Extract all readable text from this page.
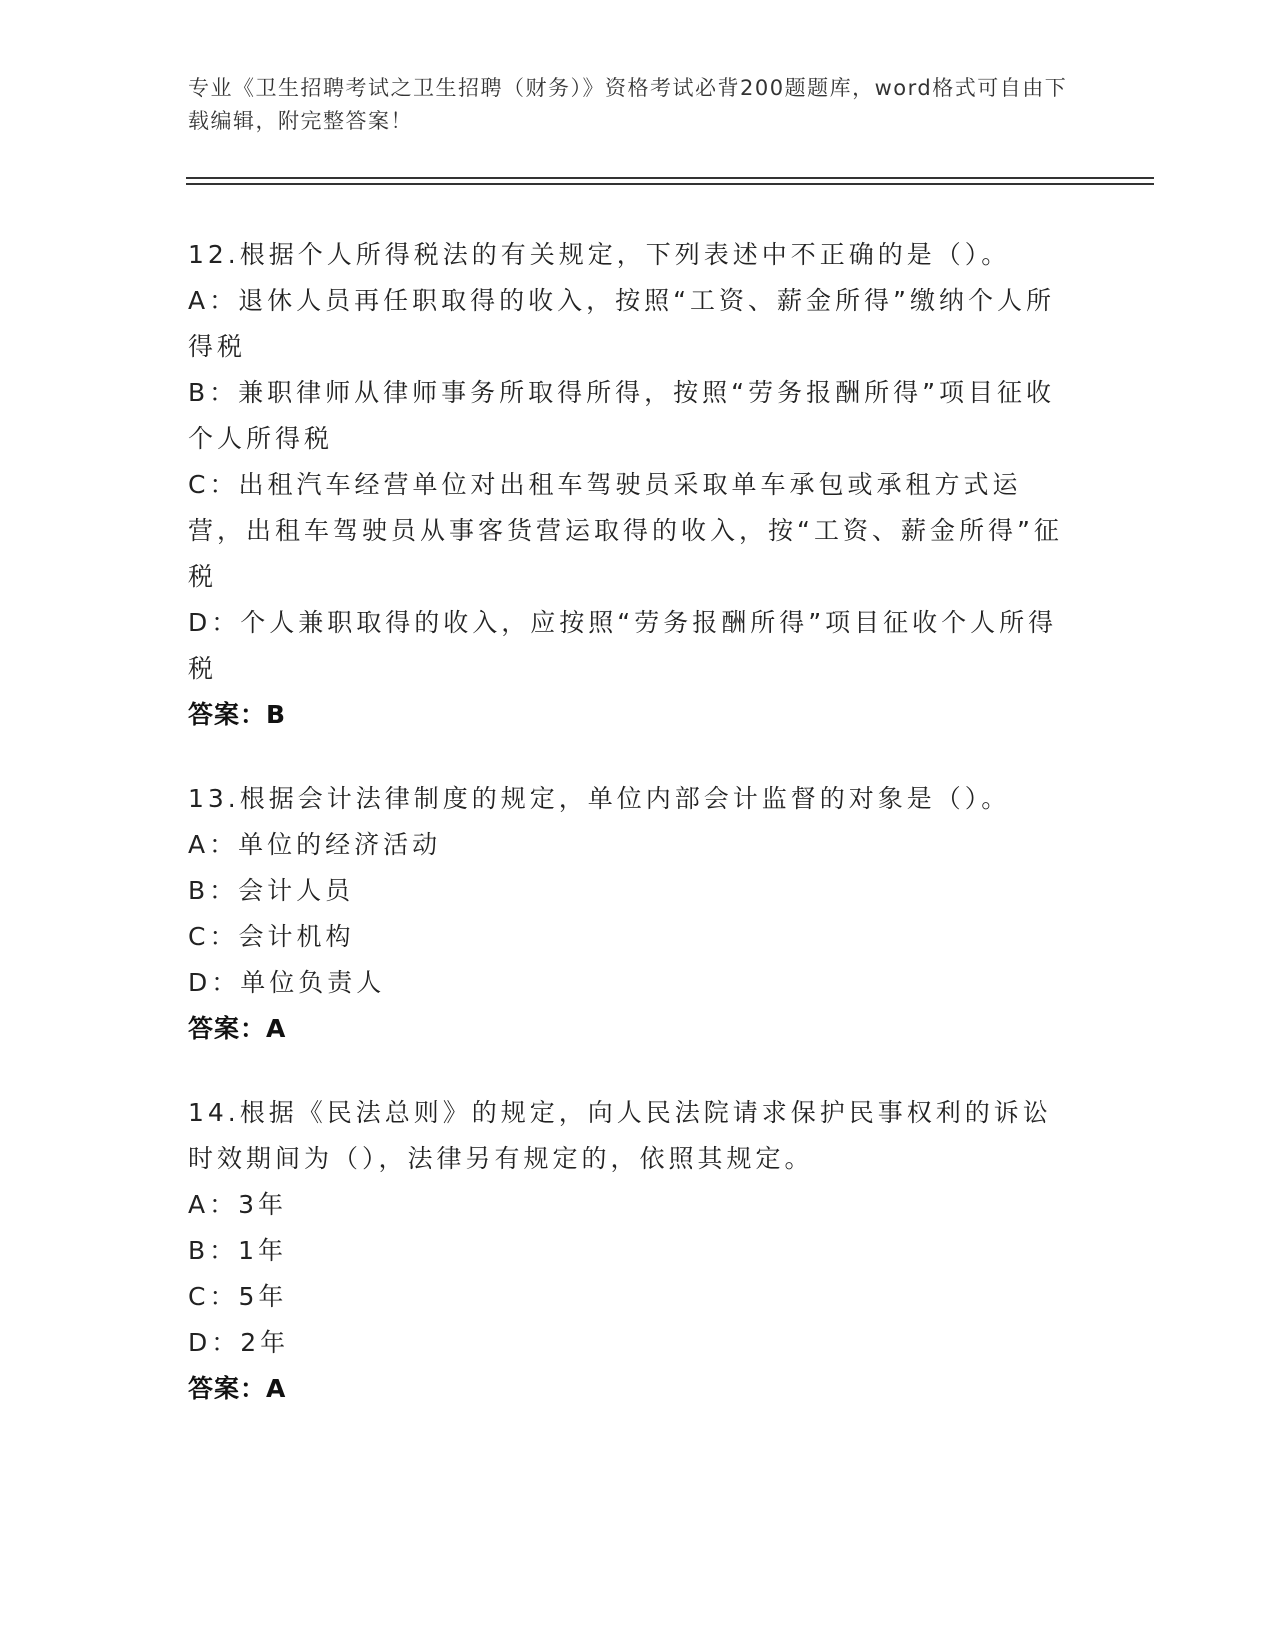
专业《卫生招聘考试之卫生招聘（财务）》资格考试必背200题题库，word格式可自由下载编辑，附完整答案！

12.根据个人所得税法的有关规定，下列表述中不正确的是（）。

A：退休人员再任职取得的收入，按照“工资、薪金所得”缴纳个人所得税

B：兼职律师从律师事务所取得所得，按照“劳务报酬所得”项目征收个人所得税

C：出租汽车经营单位对出租车驾驶员采取单车承包或承租方式运营，出租车驾驶员从事客货营运取得的收入，按“工资、薪金所得”征税

D：个人兼职取得的收入，应按照“劳务报酬所得”项目征收个人所得税

答案：B

13.根据会计法律制度的规定，单位内部会计监督的对象是（）。

A：单位的经济活动

B：会计人员

C：会计机构

D：单位负责人

答案：A

14.根据《民法总则》的规定，向人民法院请求保护民事权利的诉讼时效期间为（），法律另有规定的，依照其规定。

A：3年

B：1年

C：5年

D：2年

答案：A
